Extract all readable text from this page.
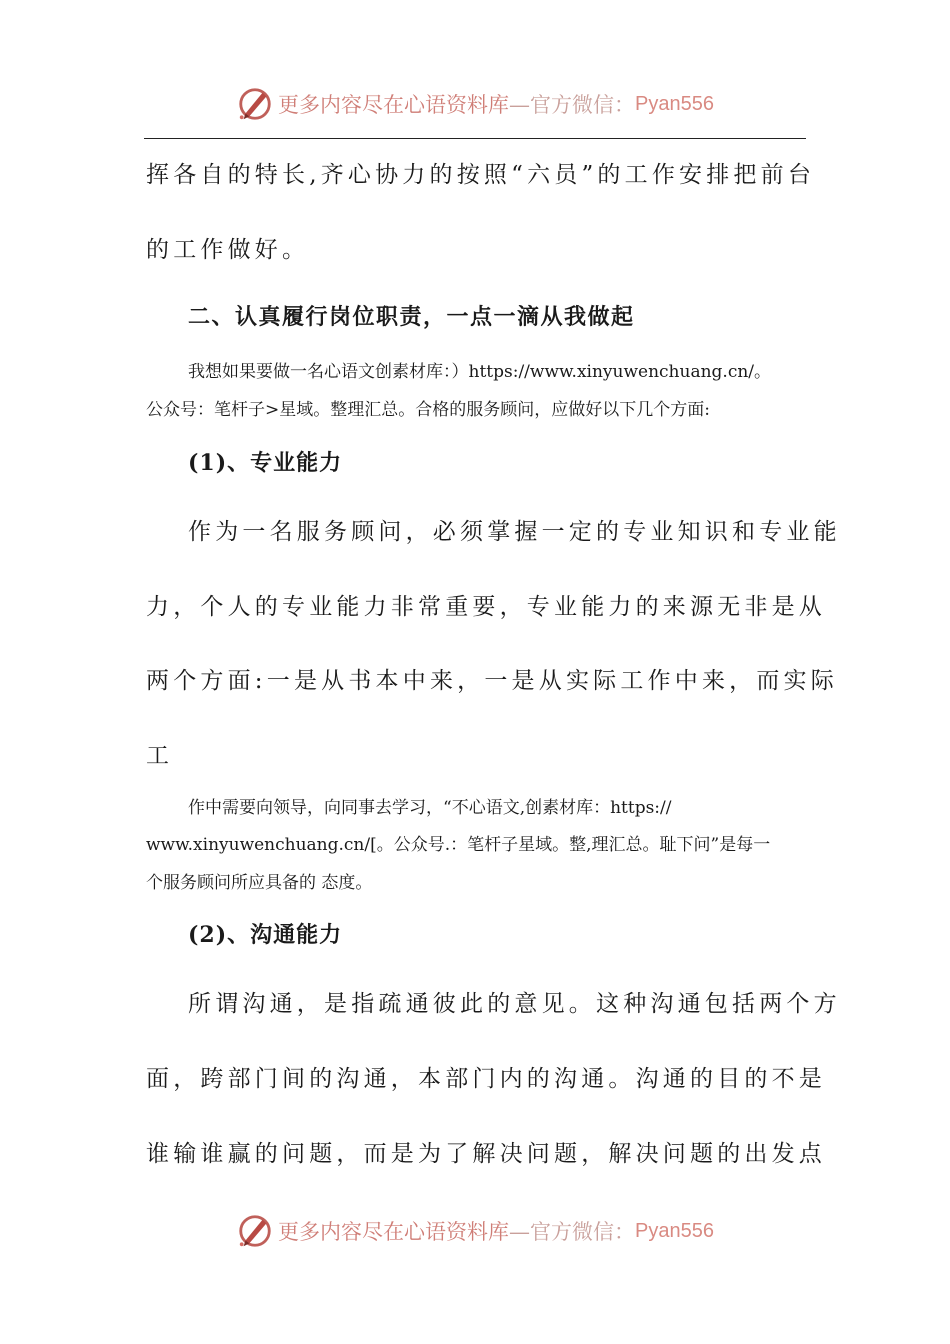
更多内容尽在心语资料库 —官方微信： Pyan556

挥各自的特长,齐心协力的按照“六员”的工作安排把前台

的工作做好。

二、认真履行岗位职责，一点一滴从我做起

我想如果要做一名心语文创素材库：）https://www.xinyuwenchuang.cn/。

公众号：笔杆子>星域。整理汇总。合格的服务顾问，应做好以下几个方面:

(1)、专业能力

作为一名服务顾问，必须掌握一定的专业知识和专业能

力，个人的专业能力非常重要，专业能力的来源无非是从

两个方面:一是从书本中来，一是从实际工作中来，而实际

工

作中需要向领导，向同事去学习，“不心语文,创素材库：https://

www.xinyuwenchuang.cn/[。公众号.：笔杆子星域。整,理汇总。耻下问”是每一

个服务顾问所应具备的 态度。

(2)、沟通能力

所谓沟通，是指疏通彼此的意见。这种沟通包括两个方

面，跨部门间的沟通，本部门内的沟通。沟通的目的不是

谁输谁赢的问题，而是为了解决问题，解决问题的出发点

更多内容尽在心语资料库 —官方微信： Pyan556
